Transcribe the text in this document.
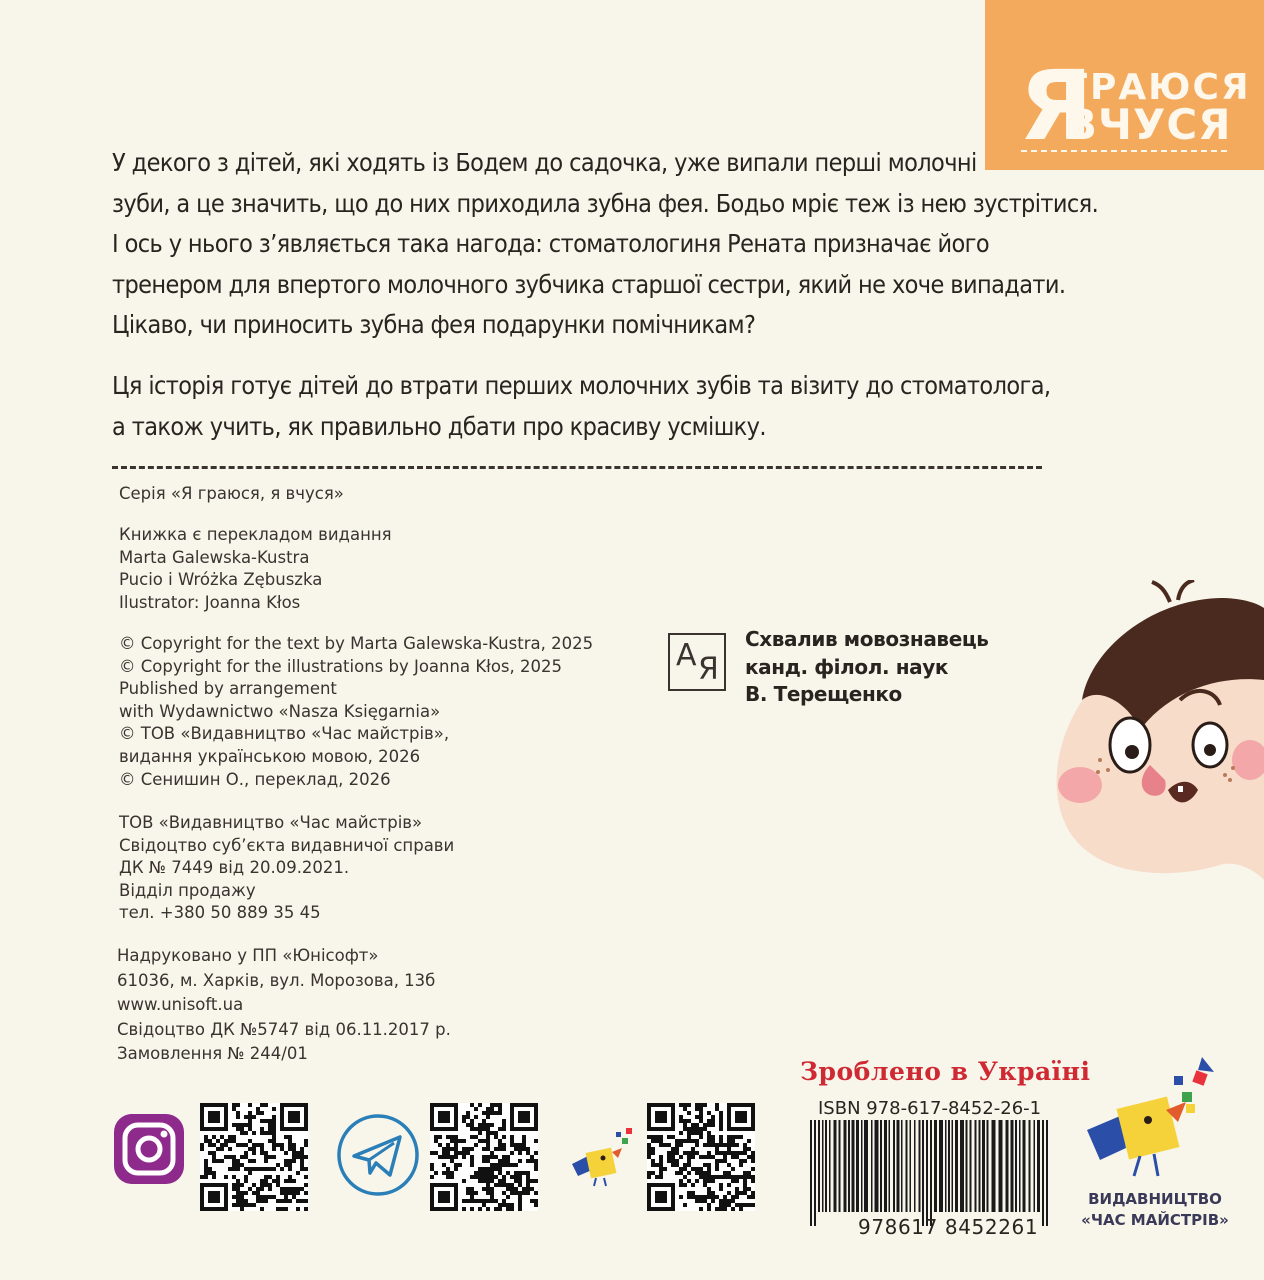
Я
ГРАЮСЯ
ВЧУСЯ

У декого з дітей, які ходять із Бодем до садочка, уже випали перші молочні

зуби, а це значить, що до них приходила зубна фея. Бодьо мріє теж із нею зустрітися.

І ось у нього з’являється така нагода: стоматологиня Рената призначає його

тренером для впертого молочного зубчика старшої сестри, який не хоче випадати.

Цікаво, чи приносить зубна фея подарунки помічникам?

Ця історія готує дітей до втрати перших молочних зубів та візиту до стоматолога,

а також учить, як правильно дбати про красиву усмішку.

Серія «Я граюся, я вчуся»
Книжка є перекладом видання
Marta Galewska-Kustra
Pucio i Wróżka Zębuszka
Ilustrator: Joanna Kłos
© Copyright for the text by Marta Galewska-Kustra, 2025
© Copyright for the illustrations by Joanna Kłos, 2025
Published by arrangement
with Wydawnictwo «Nasza Księgarnia»
© ТОВ «Видавництво «Час майстрів»,
видання українською мовою, 2026
© Сенишин О., переклад, 2026
ТОВ «Видавництво «Час майстрів»
Свідоцтво суб’єкта видавничої справи
ДК № 7449 від 20.09.2021.
Відділ продажу
тел. +380 50 889 35 45
Надруковано у ПП «Юнісофт»
61036, м. Харків, вул. Морозова, 13б
www.unisoft.ua
Свідоцтво ДК №5747 від 06.11.2017 р.
Замовлення № 244/01
А Я
Схвалив мовознавець
канд. філол. наук
В. Терещенко
Зроблено в Україні
ISBN 978-617-8452-26-1
978617 8452261
ВИДАВНИЦТВО
«ЧАС МАЙСТРІВ»
